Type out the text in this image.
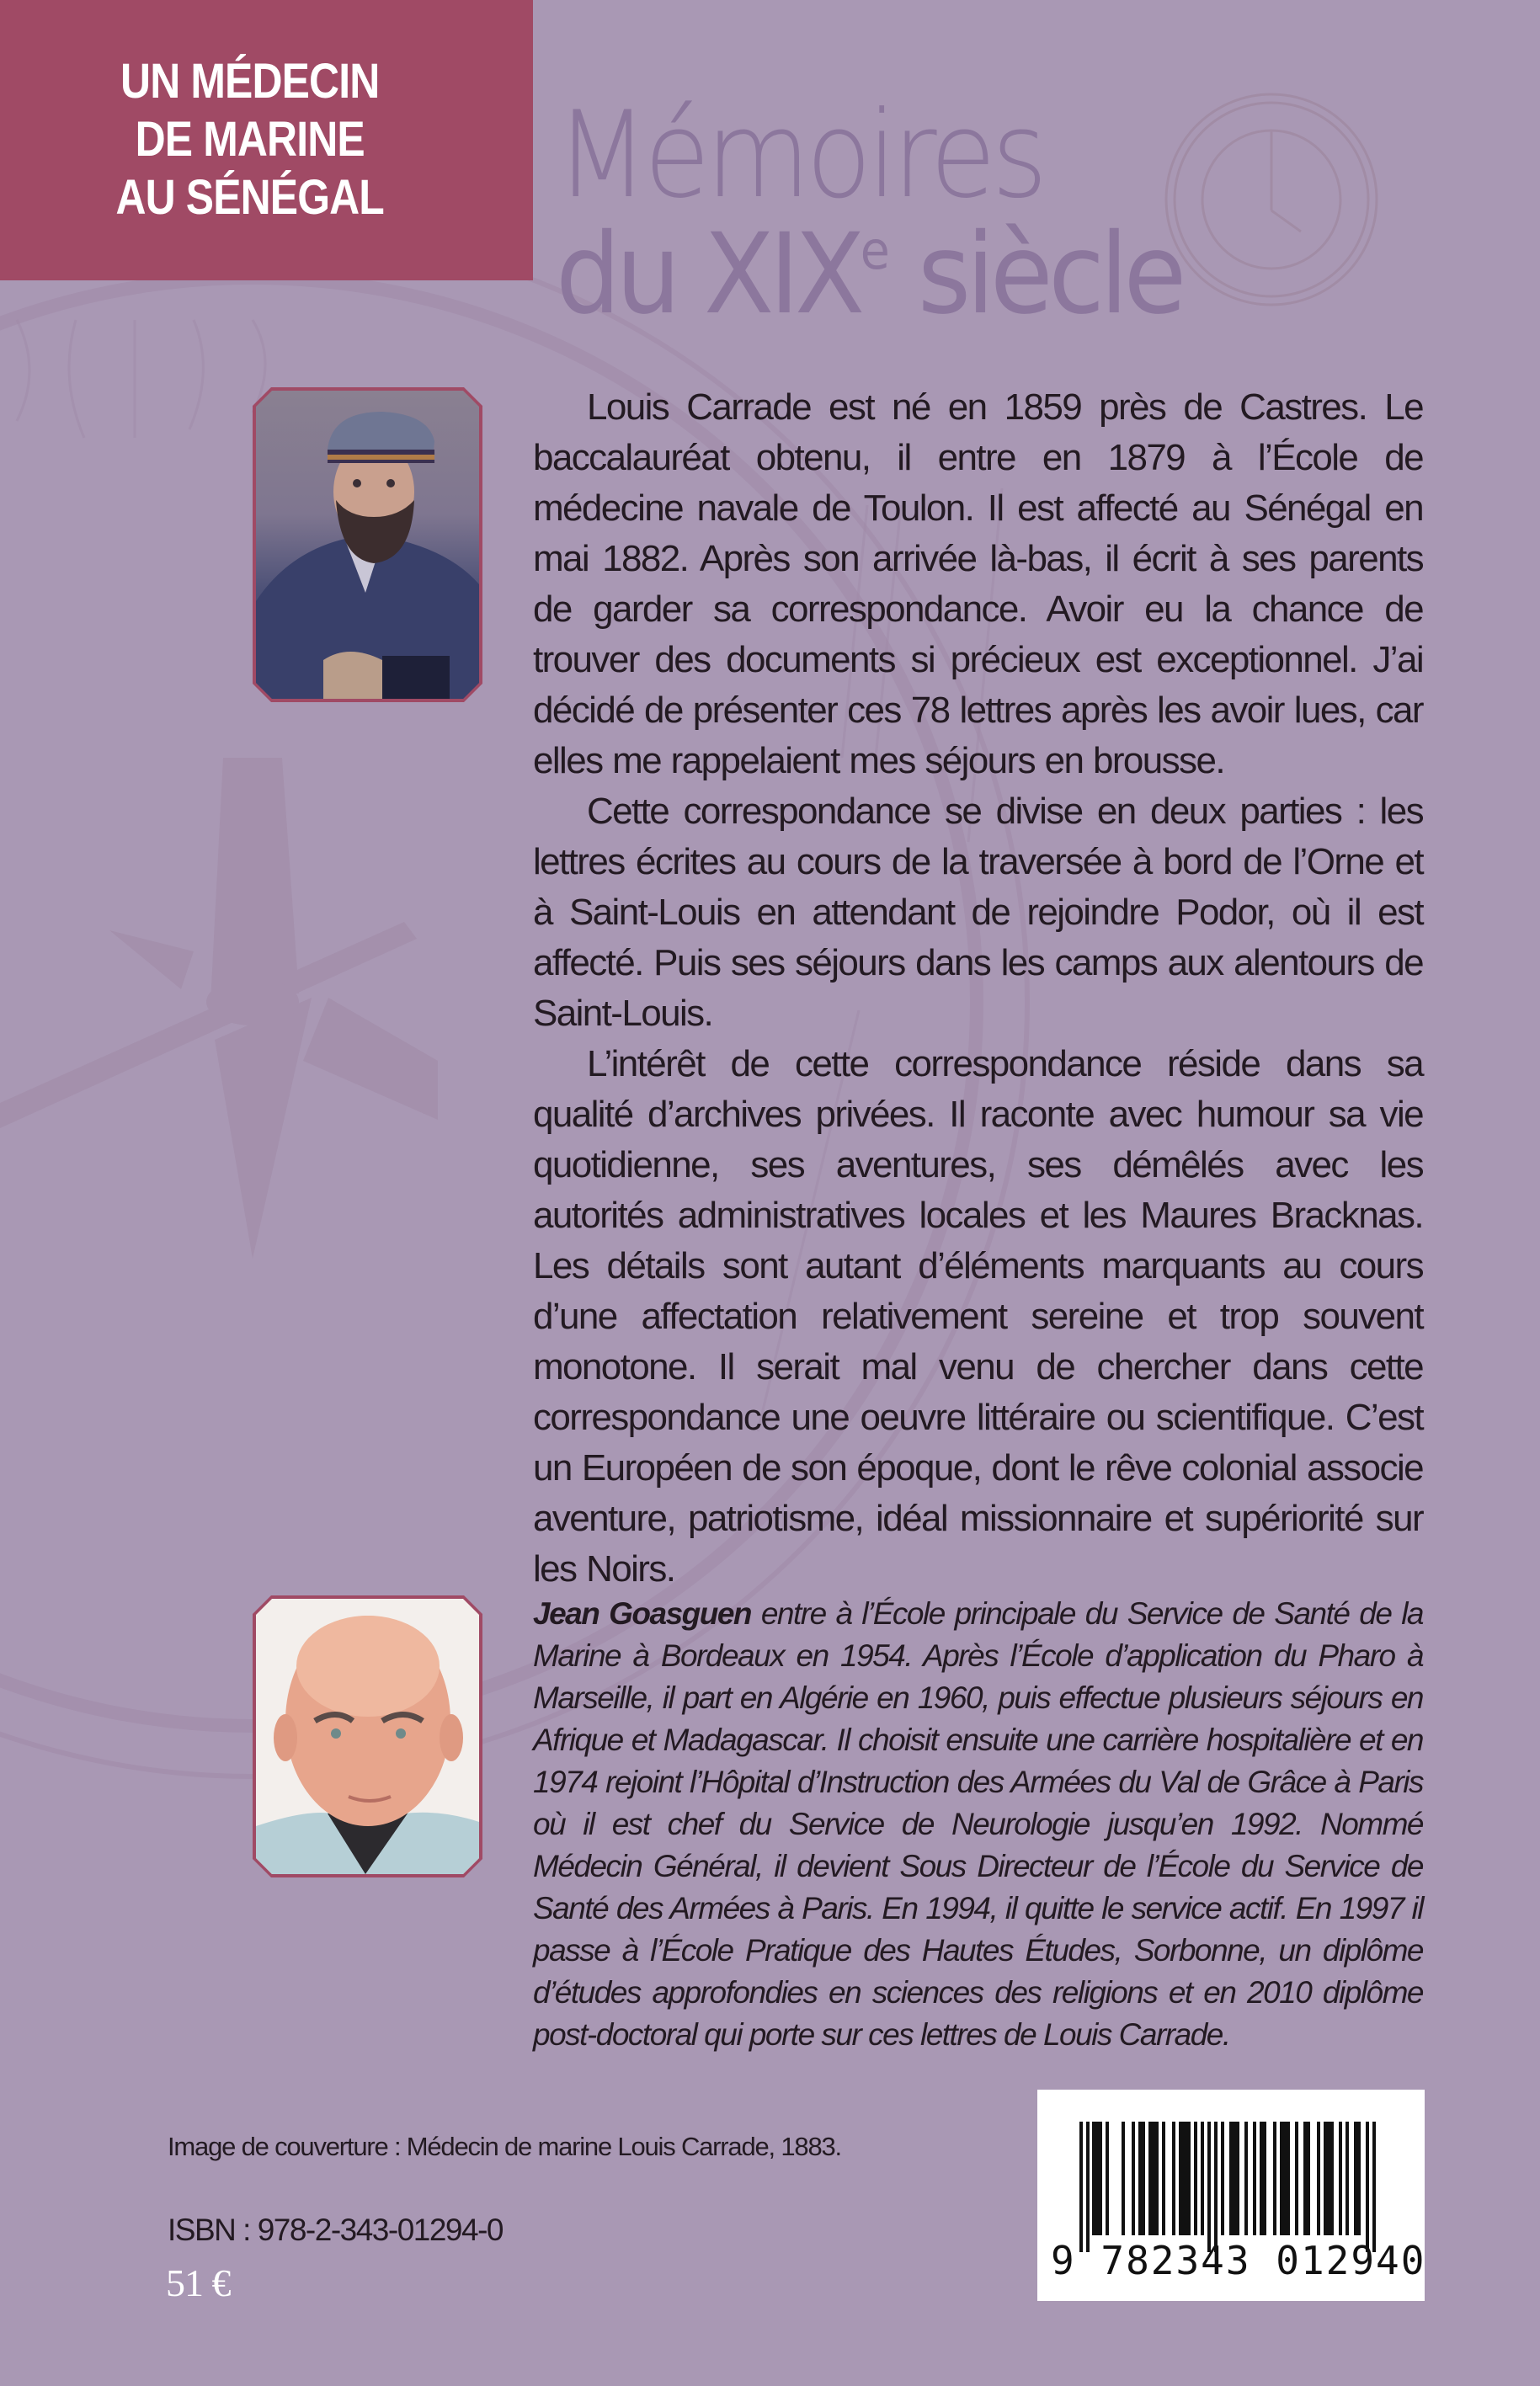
UN MÉDECIN
DE MARINE
AU SÉNÉGAL	Mémoires
du XIXe siècle

Louis Carrade est né en 1859 près de Castres. Le baccalauréat obtenu, il entre en 1879 à l’École de médecine navale de Toulon. Il est affecté au Sénégal en mai 1882. Après son arrivée là-bas, il écrit à ses parents de garder sa correspondance. Avoir eu la chance de trouver des documents si précieux est exceptionnel. J’ai décidé de présenter ces 78 lettres après les avoir lues, car elles me rappelaient mes séjours en brousse.

Cette correspondance se divise en deux parties : les lettres écrites au cours de la traversée à bord de l’Orne et à Saint-Louis en attendant de rejoindre Podor, où il est affecté. Puis ses séjours dans les camps aux alentours de Saint-Louis.

L’intérêt de cette correspondance réside dans sa qualité d’archives privées. Il raconte avec humour sa vie quotidienne, ses aventures, ses démêlés avec les autorités administratives locales et les Maures Bracknas. Les détails sont autant d’éléments marquants au cours d’une affectation relativement sereine et trop souvent monotone. Il serait mal venu de chercher dans cette correspondance une oeuvre littéraire ou scientifique. C’est un Européen de son époque, dont le rêve colonial associe aventure, patriotisme, idéal missionnaire et supériorité sur les Noirs.

Jean Goasguen entre à l’École principale du Service de Santé de la Marine à Bordeaux en 1954. Après l’École d’application du Pharo à Marseille, il part en Algérie en 1960, puis effectue plusieurs séjours en Afrique et Madagascar. Il choisit ensuite une carrière hospitalière et en 1974 rejoint l’Hôpital d’Instruction des Armées du Val de Grâce à Paris où il est chef du Service de Neurologie jusqu’en 1992. Nommé Médecin Général, il devient Sous Directeur de l’École du Service de Santé des Armées à Paris. En 1994, il quitte le service actif. En 1997 il passe à l’École Pratique des Hautes Études, Sorbonne, un diplôme d’études approfondies en sciences des religions et en 2010 diplôme post-doctoral qui porte sur ces lettres de Louis Carrade.
Image de couverture : Médecin de marine Louis Carrade, 1883.
ISBN : 978-2-343-01294-0
51 €	9 782343 012940
